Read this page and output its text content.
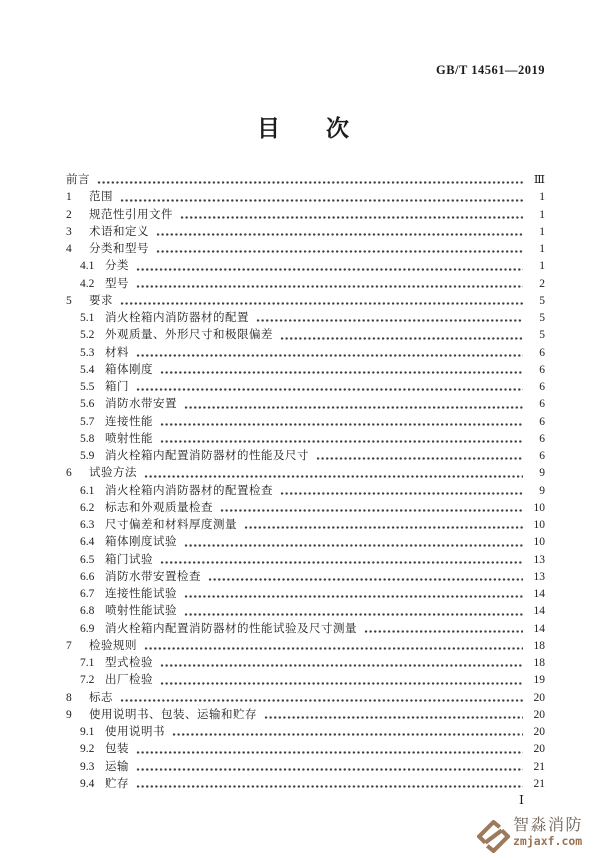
GB/T 14561—2019
目　　次
前言	Ⅲ
1	范围	1
2	规范性引用文件	1
3	术语和定义	1
4	分类和型号	1
4.1 分类	1
4.2 型号	2
5	要求	5
5.1 消火栓箱内消防器材的配置	5
5.2 外观质量、外形尺寸和极限偏差	5
5.3 材料	6
5.4 箱体刚度	6
5.5 箱门	6
5.6 消防水带安置	6
5.7 连接性能	6
5.8 喷射性能	6
5.9 消火栓箱内配置消防器材的性能及尺寸	6
6	试验方法	9
6.1 消火栓箱内消防器材的配置检查	9
6.2 标志和外观质量检查	10
6.3 尺寸偏差和材料厚度测量	10
6.4 箱体刚度试验	10
6.5 箱门试验	13
6.6 消防水带安置检查	13
6.7 连接性能试验	14
6.8 喷射性能试验	14
6.9 消火栓箱内配置消防器材的性能试验及尺寸测量	14
7	检验规则	18
7.1 型式检验	18
7.2 出厂检验	19
8	标志	20
9	使用说明书、包装、运输和贮存	20
9.1 使用说明书	20
9.2 包装	20
9.3 运输	21
9.4 贮存	21
Ⅰ
智淼消防
zmjaxf.com
